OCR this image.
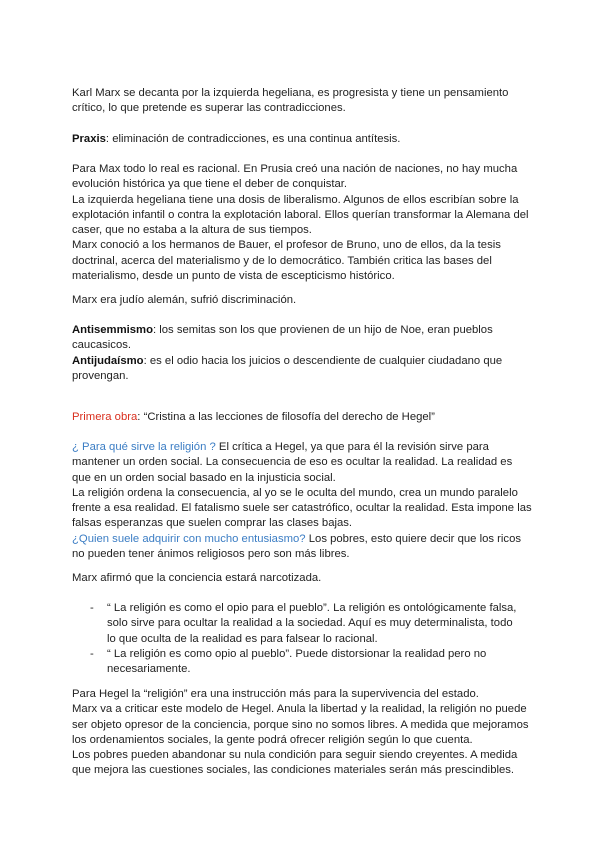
Karl Marx se decanta por la izquierda hegeliana, es progresista y tiene un pensamiento crítico, lo que pretende es superar las contradicciones.

Praxis: eliminación de contradicciones, es una continua antítesis.

Para Max todo lo real es racional. En Prusia creó una nación de naciones, no hay mucha evolución histórica ya que tiene el deber de conquistar.

La izquierda hegeliana tiene una dosis de liberalismo. Algunos de ellos escribían sobre la explotación infantil o contra la explotación laboral. Ellos querían transformar la Alemana del caser, que no estaba a la altura de sus tiempos.

Marx conoció a los hermanos de Bauer, el profesor de Bruno, uno de ellos, da la tesis doctrinal, acerca del materialismo y de lo democrático. También critica las bases del materialismo, desde un punto de vista de escepticismo histórico.

Marx era judío alemán, sufrió discriminación.

Antisemmismo: los semitas son los que provienen de un hijo de Noe, eran pueblos caucasicos.

Antijudaísmo: es el odio hacia los juicios o descendiente de cualquier ciudadano que provengan.

Primera obra: “Cristina a las lecciones de filosofía del derecho de Hegel”

¿ Para qué sirve la religión ? El crítica a Hegel, ya que para él la revisión sirve para mantener un orden social. La consecuencia de eso es ocultar la realidad. La realidad es que en un orden social basado en la injusticia social.

La religión ordena la consecuencia, al yo se le oculta del mundo, crea un mundo paralelo frente a esa realidad. El fatalismo suele ser catastrófico, ocultar la realidad. Esta impone las falsas esperanzas que suelen comprar las clases bajas.

¿Quien suele adquirir con mucho entusiasmo? Los pobres, esto quiere decir que los ricos no pueden tener ánimos religiosos pero son más libres.

Marx afirmó que la conciencia estará narcotizada.

- “ La religión es como el opio para el pueblo”. La religión es ontológicamente falsa, solo sirve para ocultar la realidad a la sociedad. Aquí es muy determinalista, todo lo que oculta de la realidad es para falsear lo racional.
- “ La religión es como opio al pueblo”. Puede distorsionar la realidad pero no necesariamente.

Para Hegel la “religión” era una instrucción más para la supervivencia del estado.

Marx va a criticar este modelo de Hegel. Anula la libertad y la realidad, la religión no puede ser objeto opresor de la conciencia, porque sino no somos libres. A medida que mejoramos los ordenamientos sociales, la gente podrá ofrecer religión según lo que cuenta.

Los pobres pueden abandonar su nula condición para seguir siendo creyentes. A medida que mejora las cuestiones sociales, las condiciones materiales serán más prescindibles.
